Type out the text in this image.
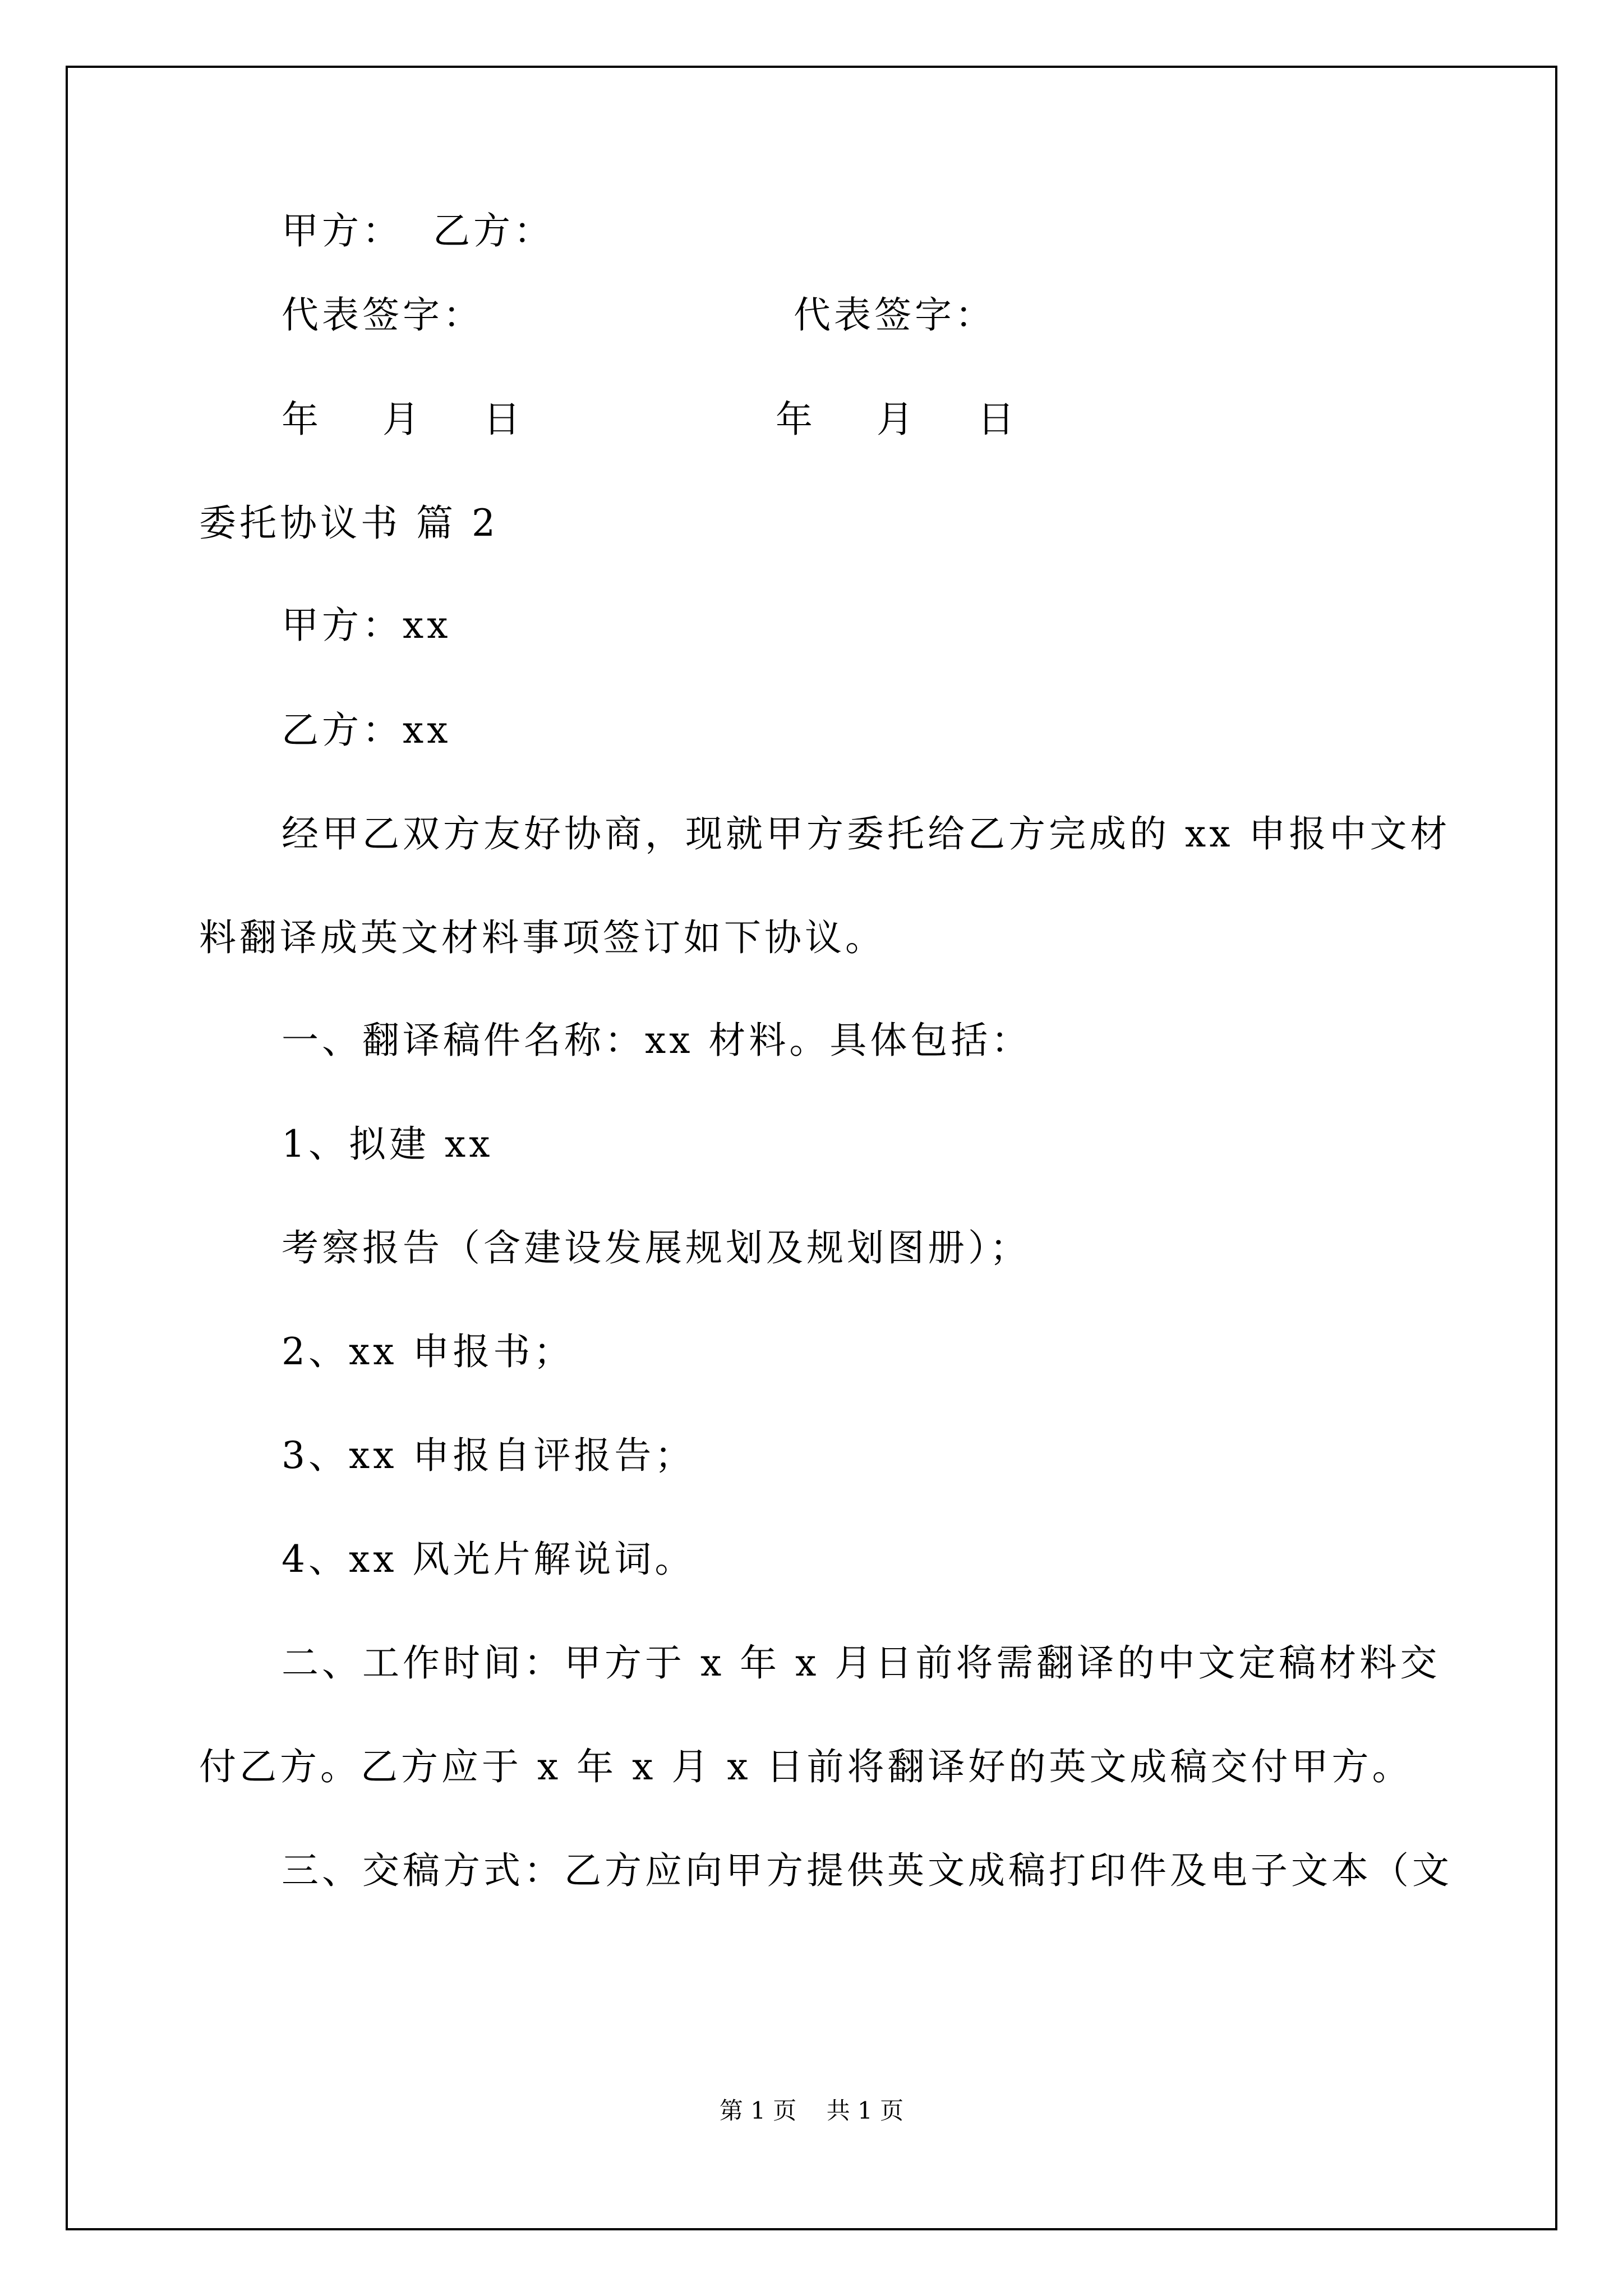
甲方：  乙方：
代表签字：	代表签字：
年    月    日	年    月    日
委托协议书 篇 2
甲方：xx
乙方：xx
经甲乙双方友好协商，现就甲方委托给乙方完成的 xx 申报中文材
料翻译成英文材料事项签订如下协议。
一、翻译稿件名称：xx 材料。具体包括：
1、拟建 xx
考察报告（含建设发展规划及规划图册）；
2、xx 申报书；
3、xx 申报自评报告；
4、xx 风光片解说词。
二、工作时间：甲方于 x 年 x 月日前将需翻译的中文定稿材料交
付乙方。乙方应于 x 年 x 月 x 日前将翻译好的英文成稿交付甲方。
三、交稿方式：乙方应向甲方提供英文成稿打印件及电子文本（文
第 1 页    共 1 页
